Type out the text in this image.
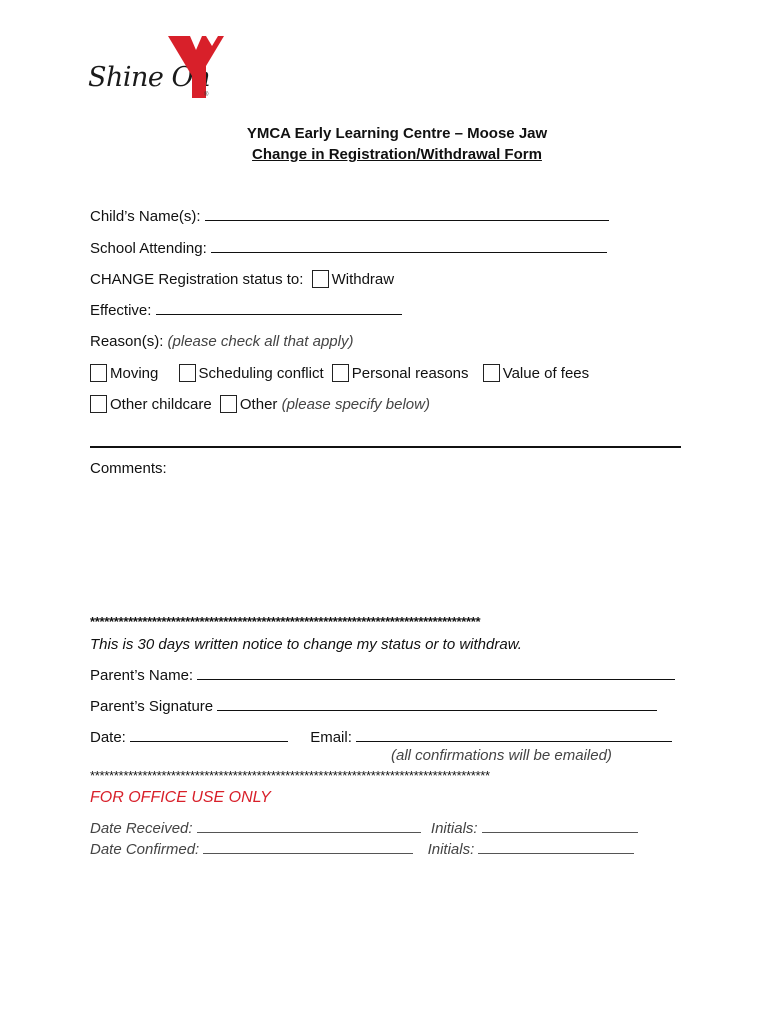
Shine On
®
YMCA Early Learning Centre – Moose Jaw
Change in Registration/Withdrawal Form
Child’s Name(s):
School Attending:
CHANGE Registration status to: Withdraw
Effective:
Reason(s): (please check all that apply)
Moving	Scheduling conflict Personal reasons Value of fees
Other childcare Other (please specify below)
Comments:
**********************************************************************************
This is 30 days written notice to change my status or to withdraw.
Parent’s Name:
Parent’s Signature
Date:	Email:
(all confirmations will be emailed)
************************************************************************************
FOR OFFICE USE ONLY
Date Received:	Initials:
Date Confirmed:	Initials:
